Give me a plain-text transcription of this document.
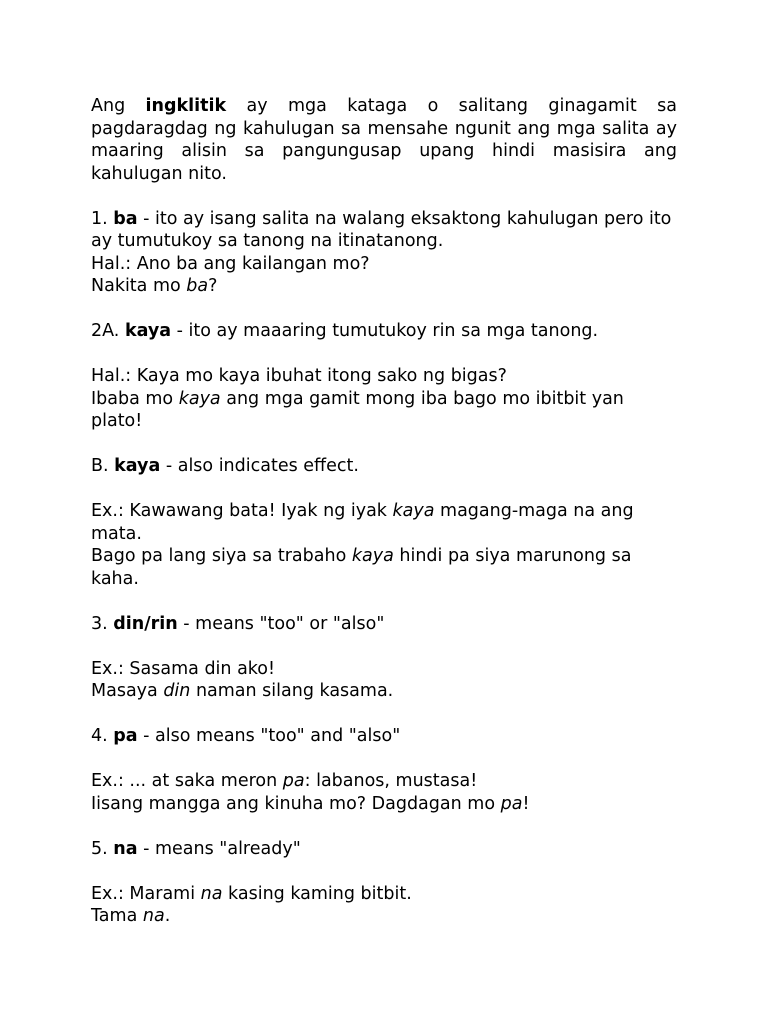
Ang ingklitik ay mga kataga o salitang ginagamit sa pagdaragdag ng kahulugan sa mensahe ngunit ang mga salita ay maaring alisin sa pangungusap upang hindi masisira ang kahulugan nito.

1. ba - ito ay isang salita na walang eksaktong kahulugan pero ito ay tumutukoy sa tanong na itinatanong.

Hal.: Ano ba ang kailangan mo?

Nakita mo ba?

2A. kaya - ito ay maaaring tumutukoy rin sa mga tanong.

Hal.: Kaya mo kaya ibuhat itong sako ng bigas?

Ibaba mo kaya ang mga gamit mong iba bago mo ibitbit yan plato!

B. kaya - also indicates effect.

Ex.: Kawawang bata! Iyak ng iyak kaya magang-maga na ang mata.

Bago pa lang siya sa trabaho kaya hindi pa siya marunong sa kaha.

3. din/rin - means "too" or "also"

Ex.: Sasama din ako!

Masaya din naman silang kasama.

4. pa - also means "too" and "also"

Ex.: ... at saka meron pa: labanos, mustasa!

Iisang mangga ang kinuha mo? Dagdagan mo pa!

5. na - means "already"

Ex.: Marami na kasing kaming bitbit.

Tama na.
